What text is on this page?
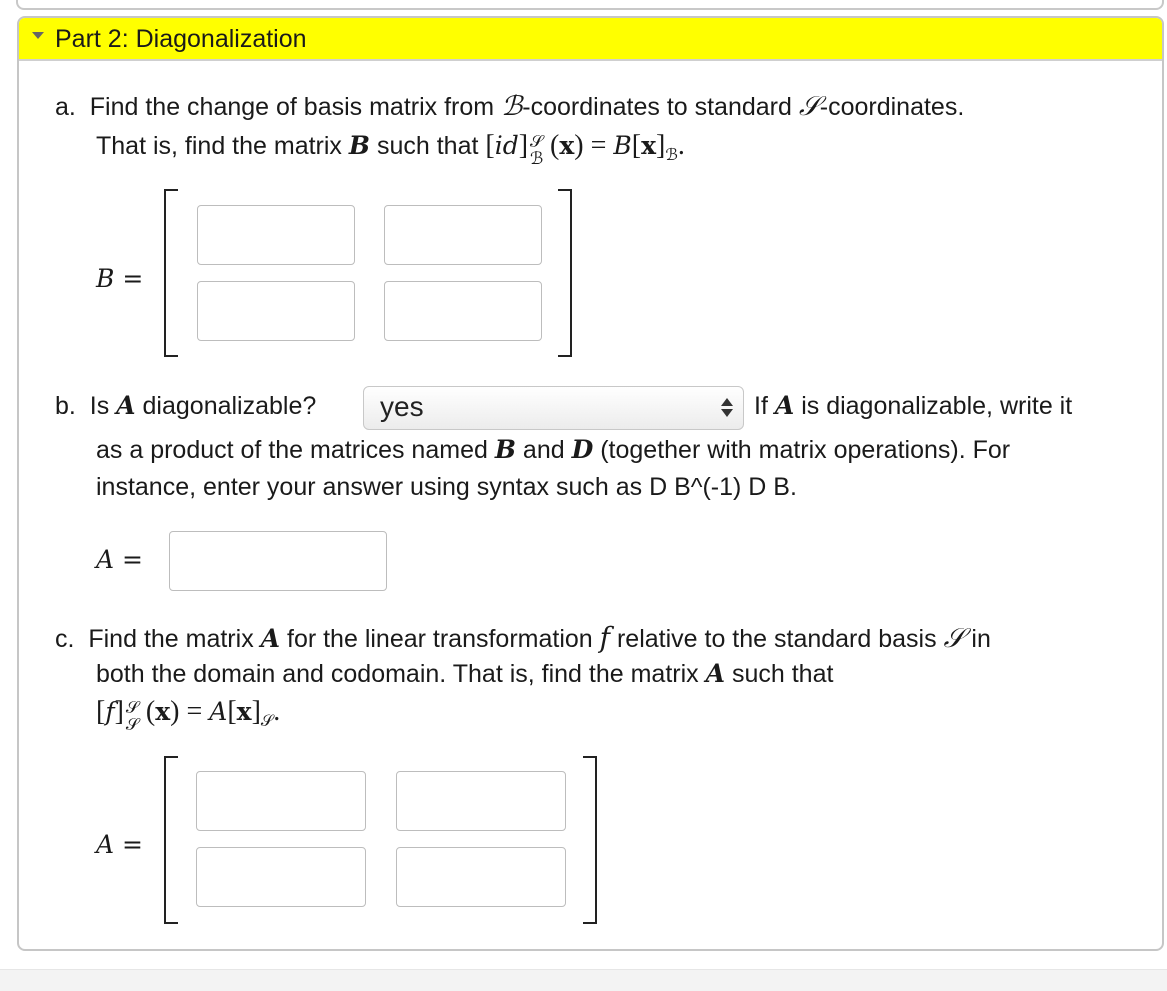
Part 2: Diagonalization
a. Find the change of basis matrix from ℬ-coordinates to standard 𝒮-coordinates.
That is, find the matrix B such that [id] 𝒮
ℬ $(x) = B[x]_ℬ$.
B =
b. Is A diagonalizable? yes	If A is diagonalizable, write it
as a product of the matrices named B and D (together with matrix operations). For
instance, enter your answer using syntax such as D B^(-1) D B.
A =
c. Find the matrix A for the linear transformation f relative to the standard basis 𝒮 in
both the domain and codomain. That is, find the matrix A such that
[f] 𝒮
𝒮 $(x) = A[x]_𝒮$.
A =
